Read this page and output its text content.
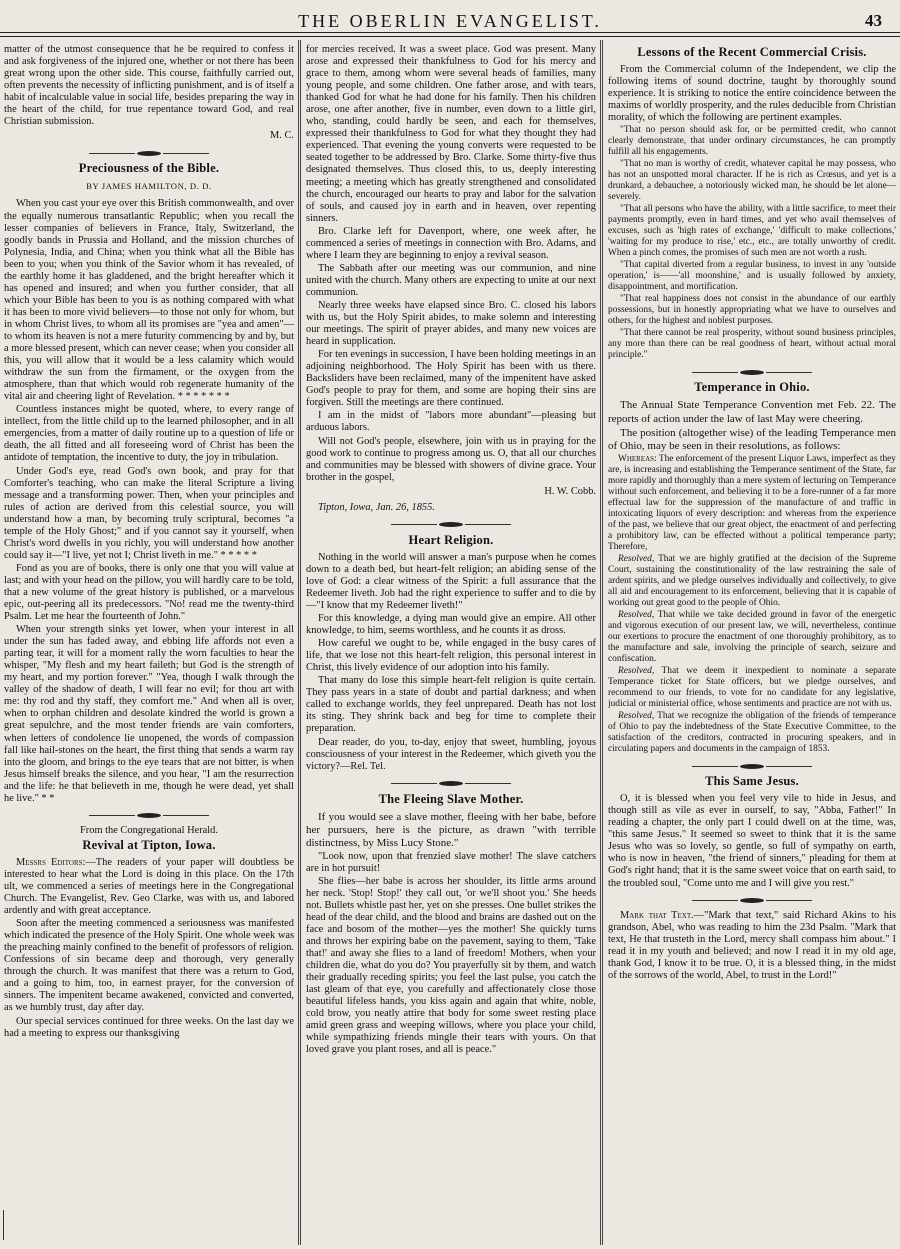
THE OBERLIN EVANGELIST.	43

matter of the utmost consequence that he be required to confess it and ask forgiveness of the injured one, whether or not there has been great wrong upon the other side. This course, faithfully carried out, often prevents the necessity of inflicting punishment, and is of itself a habit of incalculable value in social life, besides preparing the way in the heart of the child, for true repentance toward God, and real Christian submission.

M. C.
Preciousness of the Bible.
BY JAMES HAMILTON, D. D.

When you cast your eye over this British commonwealth, and over the equally numerous transatlantic Republic; when you recall the lesser companies of believers in France, Italy, Switzerland, the goodly bands in Prussia and Holland, and the mission churches of Polynesia, India, and China; when you think what all the Bible has been to you; when you think of the Savior whom it has revealed, of the earthly home it has gladdened, and the bright hereafter which it has opened and insured; and when you further consider, that all which your Bible has been to you is as nothing compared with what it has been to more vivid believers—to those not only for whom, but in whom Christ lives, to whom all its promises are "yea and amen"—to whom its heaven is not a mere futurity commencing by and by, but a more blessed present, which can never cease; when you consider all this, you will allow that it would be a less calamity which would withdraw the sun from the firmament, or the oxygen from the atmosphere, than that which would rob regenerate humanity of the vital air and cheering light of Revelation. * * * * * * *

Countless instances might be quoted, where, to every range of intellect, from the little child up to the learned philosopher, and in all emergencies, from a matter of daily routine up to a question of life or death, the all fitted and all foreseeing word of Christ has been the antidote of temptation, the incentive to duty, the joy in tribulation.

Under God's eye, read God's own book, and pray for that Comforter's teaching, who can make the literal Scripture a living message and a transforming power. Then, when your principles and rules of action are derived from this celestial source, you will understand how a man, by becoming truly scriptural, becomes "a temple of the Holy Ghost;" and if you cannot say it yourself, when Christ's word dwells in you richly, you will understand how another could say it—"I live, yet not I; Christ liveth in me." * * * * *

Fond as you are of books, there is only one that you will value at last; and with your head on the pillow, you will hardly care to be told, that a new volume of the great history is published, or a marvelous epic, out-peering all its predecessors. "No! read me the twenty-third Psalm. Let me hear the fourteenth of John."

When your strength sinks yet lower, when your interest in all under the sun has faded away, and ebbing life affords not even a parting tear, it will for a moment rally the worn faculties to hear the whisper, "My flesh and my heart faileth; but God is the strength of my heart, and my portion forever." "Yea, though I walk through the valley of the shadow of death, I will fear no evil; for thou art with me: thy rod and thy staff, they comfort me." And when all is over, when to orphan children and desolate kindred the world is grown a great sepulchre, and the most tender friends are vain comforters, when letters of condolence lie unopened, the words of compassion fall like hail-stones on the heart, the first thing that sends a warm ray into the gloom, and brings to the eye tears that are not bitter, is when Jesus himself breaks the silence, and you hear, "I am the resurrection and the life: he that believeth in me, though he were dead, yet shall he live." * *

From the Congregational Herald.
Revival at Tipton, Iowa.

Messrs Editors:—The readers of your paper will doubtless be interested to hear what the Lord is doing in this place. On the 17th ult, we commenced a series of meetings here in the Congregational Church. The Evangelist, Rev. Geo Clarke, was with us, and labored ardently and with great acceptance.

Soon after the meeting commenced a seriousness was manifested which indicated the presence of the Holy Spirit. One whole week was the preaching mainly confined to the benefit of professors of religion. Confessions of sin became deep and thorough, very generally through the church. It was manifest that there was a return to God, and a going to him, too, in earnest prayer, for the conversion of sinners. The impenitent became awakened, convicted and converted, as we humbly trust, day after day.

Our special services continued for three weeks. On the last day we had a meeting to express our thanksgiving

for mercies received. It was a sweet place. God was present. Many arose and expressed their thankfulness to God for his mercy and grace to them, among whom were several heads of families, many young people, and some children. One father arose, and with tears, thanked God for what he had done for his family. Then his children arose, one after another, five in number, even down to a little girl, who, standing, could hardly be seen, and each for themselves, expressed their thankfulness to God for what they thought they had experienced. That evening the young converts were requested to be seated together to be addressed by Bro. Clarke. Some thirty-five thus designated themselves. Thus closed this, to us, deeply interesting meeting; a meeting which has greatly strengthened and consolidated the church, encouraged our hearts to pray and labor for the salvation of souls, and caused joy in earth and in heaven, over repenting sinners.

Bro. Clarke left for Davenport, where, one week after, he commenced a series of meetings in connection with Bro. Adams, and where I learn they are beginning to enjoy a revival season.

The Sabbath after our meeting was our communion, and nine united with the church. Many others are expecting to unite at our next communion.

Nearly three weeks have elapsed since Bro. C. closed his labors with us, but the Holy Spirit abides, to make solemn and interesting our meetings. The spirit of prayer abides, and many new voices are heard in supplication.

For ten evenings in succession, I have been holding meetings in an adjoining neighborhood. The Holy Spirit has been with us there. Backsliders have been reclaimed, many of the impenitent have asked God's people to pray for them, and some are hoping their sins are forgiven. Still the meetings are there continued.

I am in the midst of "labors more abundant"—pleasing but arduous labors.

Will not God's people, elsewhere, join with us in praying for the good work to continue to progress among us. O, that all our churches and communities may be blessed with showers of divine grace. Your brother in the gospel,

H. W. Cobb.

Tipton, Iowa, Jan. 26, 1855.

Heart Religion.

Nothing in the world will answer a man's purpose when he comes down to a death bed, but heart-felt religion; an abiding sense of the love of God: a clear witness of the Spirit: a full assurance that the Redeemer liveth. Job had the right experience to suffer and to die by—"I know that my Redeemer liveth!"

For this knowledge, a dying man would give an empire. All other knowledge, to him, seems worthless, and he counts it as dross.

How careful we ought to be, while engaged in the busy cares of life, that we lose not this heart-felt religion, this personal interest in Christ, this lively evidence of our adoption into his family.

That many do lose this simple heart-felt religion is quite certain. They pass years in a state of doubt and partial darkness; and when called to exchange worlds, they feel unprepared. Death has not lost its sting. They shrink back and beg for time to complete their preparation.

Dear reader, do you, to-day, enjoy that sweet, humbling, joyous consciousness of your interest in the Redeemer, which giveth you the victory?—Rel. Tel.

The Fleeing Slave Mother.

If you would see a slave mother, fleeing with her babe, before her pursuers, here is the picture, as drawn "with terrible distinctness, by Miss Lucy Stone."

"Look now, upon that frenzied slave mother! The slave catchers are in hot pursuit!

She flies—her babe is across her shoulder, its little arms around her neck. 'Stop! Stop!' they call out, 'or we'll shoot you.' She heeds not. Bullets whistle past her, yet on she presses. One bullet strikes the head of the dear child, and the blood and brains are dashed out on the face and bosom of the mother—yes the mother! She quickly turns and throws her expiring babe on the pavement, saying to them, 'Take that!' and away she flies to a land of freedom! Mothers, when your children die, what do you do? You prayerfully sit by them, and watch their gradually receding spirits; you feel the last pulse, you catch the last gleam of that eye, you carefully and affectionately close those beautiful lifeless hands, you kiss again and again that white, noble, cold brow, you neatly attire that body for some sweet resting place amid green grass and weeping willows, where you place your child, while sympathizing friends mingle their tears with yours. On that loved grave you plant roses, and all is peace."

Lessons of the Recent Commercial Crisis.

From the Commercial column of the Independent, we clip the following items of sound doctrine, taught by thoroughly sound experience. It is striking to notice the entire coincidence between the maxims of worldly prosperity, and the rules deducible from Christian morality, of which the following are pertinent examples.

"That no person should ask for, or be permitted credit, who cannot clearly demonstrate, that under ordinary circumstances, he can promptly fulfill all his engagements.

"That no man is worthy of credit, whatever capital he may possess, who has not an unspotted moral character. If he is rich as Crœsus, and yet is a drunkard, a debauchee, a notoriously wicked man, he should be let alone—severely.

"That all persons who have the ability, with a little sacrifice, to meet their payments promptly, even in hard times, and yet who avail themselves of excuses, such as 'high rates of exchange,' 'difficult to make collections,' 'waiting for my produce to rise,' etc., etc., are totally unworthy of credit. When a pinch comes, the promises of such men are not worth a rush.

"That capital diverted from a regular business, to invest in any 'outside operation,' is——'all moonshine,' and is usually followed by anxiety, disappointment, and mortification.

"That real happiness does not consist in the abundance of our earthly possessions, but in honestly appropriating what we have to ourselves and others, for the highest and noblest purposes.

"That there cannot be real prosperity, without sound business principles, any more than there can be real goodness of heart, without actual moral principle."

Temperance in Ohio.

The Annual State Temperance Convention met Feb. 22. The reports of action under the law of last May were cheering.

The position (altogether wise) of the leading Temperance men of Ohio, may be seen in their resolutions, as follows:

Whereas: The enforcement of the present Liquor Laws, imperfect as they are, is increasing and establishing the Temperance sentiment of the State, far more rapidly and thoroughly than a mere system of lecturing on Temperance without such enforcement, and believing it to be a fore-runner of a far more effectual law for the suppression of the manufacture of and traffic in intoxicating liquors of every description: and whereas from the experience of the past, we believe that our great object, the enactment of and perfecting a prohibitory law, can be effected without a political temperance party; Therefore,

Resolved, That we are highly gratified at the decision of the Supreme Court, sustaining the constitutionality of the law restraining the sale of ardent spirits, and we pledge ourselves individually and collectively, to give all aid and encouragement to its enforcement, believing that it is capable of working out great good to the people of Ohio.

Resolved, That while we take decided ground in favor of the energetic and vigorous execution of our present law, we will, nevertheless, continue our exertions to procure the enactment of one thoroughly prohibitory, as to the manufacture and sale, involving the principle of search, seizure and confiscation.

Resolved, That we deem it inexpedient to nominate a separate Temperance ticket for State officers, but we pledge ourselves, and recommend to our friends, to vote for no candidate for any legislative, judicial or ministerial office, whose sentiments and practice are not with us.

Resolved, That we recognize the obligation of the friends of temperance of Ohio to pay the indebtedness of the State Executive Committee, to the satisfaction of the creditors, contracted in procuring speakers, and in circulating papers and documents in the campaign of 1853.

This Same Jesus.

O, it is blessed when you feel very vile to hide in Jesus, and though still as vile as ever in ourself, to say, "Abba, Father!" In reading a chapter, the only part I could dwell on at the time, was, "this same Jesus." It seemed so sweet to think that it is the same Jesus who was so lovely, so gentle, so full of sympathy on earth, who is now in heaven, "the friend of sinners," pleading for them at God's right hand; that it is the same sweet voice that on earth said, to the troubled soul, "Come unto me and I will give you rest."

Mark that Text.—"Mark that text," said Richard Akins to his grandson, Abel, who was reading to him the 23d Psalm. "Mark that text, He that trusteth in the Lord, mercy shall compass him about." I read it in my youth and believed; and now I read it in my old age, thank God, I know it to be true. O, it is a blessed thing, in the midst of the sorrows of the world, Abel, to trust in the Lord!"
